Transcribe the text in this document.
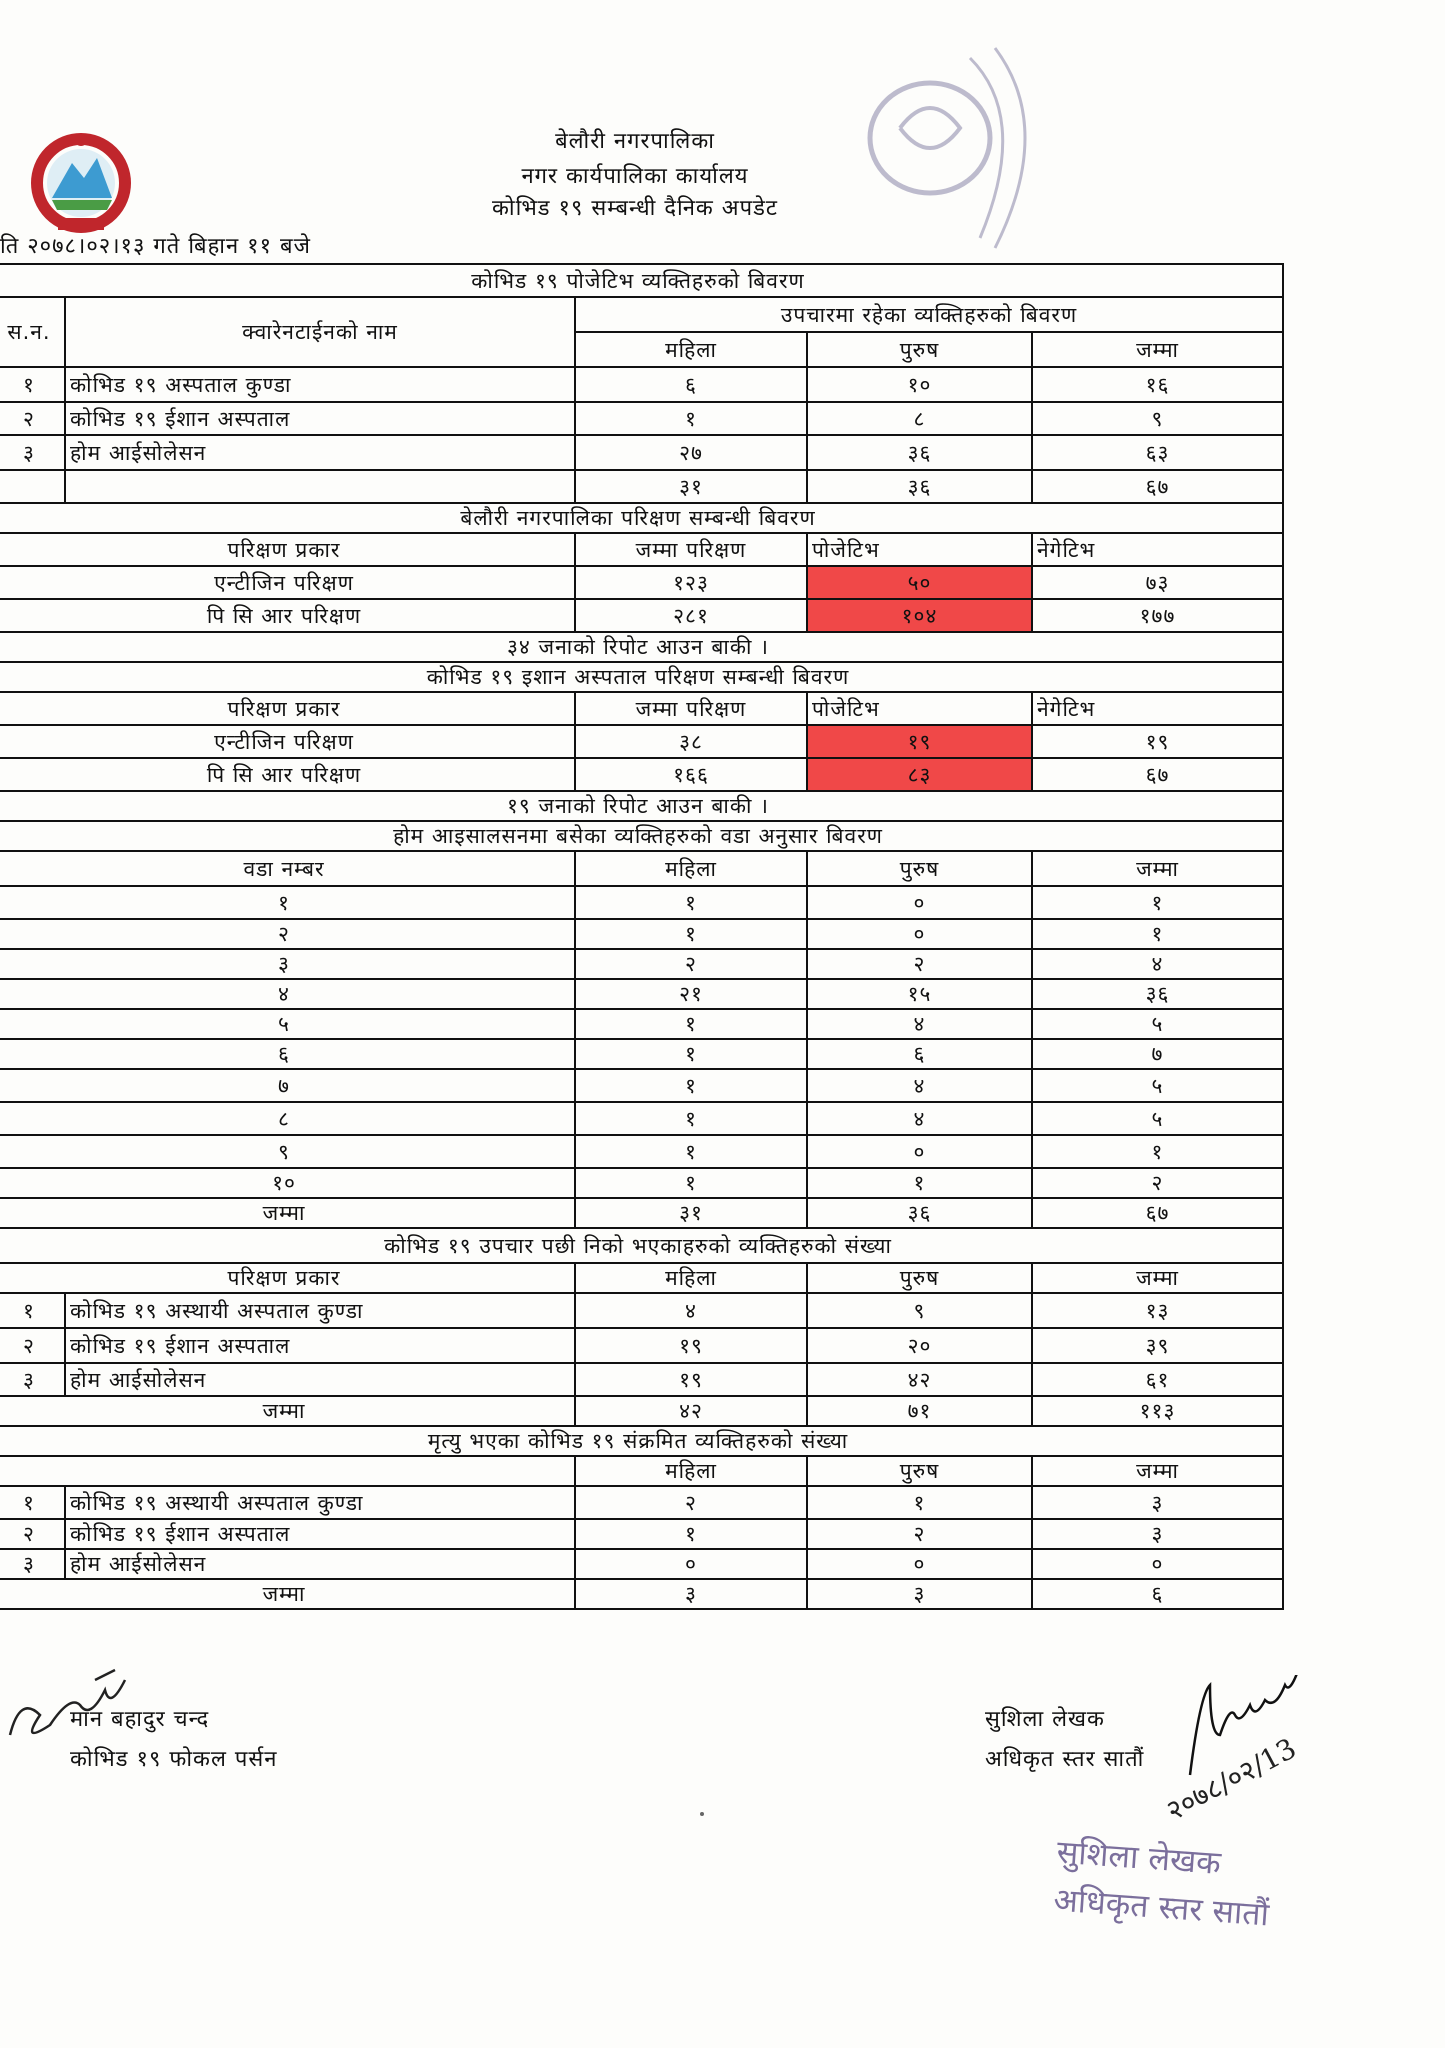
बेलौरी नगरपालिका
नगर कार्यपालिका कार्यालय
कोभिड १९ सम्बन्धी दैनिक अपडेट
ति २०७८।०२।१३ गते बिहान ११ बजे
कोभिड १९ पोजेटिभ व्यक्तिहरुको बिवरण				
स.न.	क्वारेनटाईनको नाम	उपचारमा रहेका व्यक्तिहरुको बिवरण		
		महिला	पुरुष	जम्मा
१	कोभिड १९ अस्पताल कुण्डा	६	१०	१६
२	कोभिड १९ ईशान अस्पताल	१	८	९
३	होम आईसोलेसन	२७	३६	६३
		३१	३६	६७
बेलौरी नगरपालिका परिक्षण सम्बन्धी बिवरण				
परिक्षण प्रकार		जम्मा परिक्षण	पोजेटिभ	नेगेटिभ
एन्टीजिन परिक्षण		१२३	५०	७३
पि सि आर परिक्षण		२८१	१०४	१७७
३४ जनाको रिपोट आउन बाकी ।				
कोभिड १९ इशान अस्पताल परिक्षण सम्बन्धी बिवरण				
परिक्षण प्रकार		जम्मा परिक्षण	पोजेटिभ	नेगेटिभ
एन्टीजिन परिक्षण		३८	१९	१९
पि सि आर परिक्षण		१६६	८३	६७
१९ जनाको रिपोट आउन बाकी ।				
होम आइसालसनमा बसेका व्यक्तिहरुको वडा अनुसार बिवरण				
वडा नम्बर		महिला	पुरुष	जम्मा
१		१	०	१
२		१	०	१
३		२	२	४
४		२१	१५	३६
५		१	४	५
६		१	६	७
७		१	४	५
८		१	४	५
९		१	०	१
१०		१	१	२
जम्मा		३१	३६	६७
कोभिड १९ उपचार पछी निको भएकाहरुको व्यक्तिहरुको संख्या				
परिक्षण प्रकार		महिला	पुरुष	जम्मा
१	कोभिड १९ अस्थायी अस्पताल कुण्डा	४	९	१३
२	कोभिड १९ ईशान अस्पताल	१९	२०	३९
३	होम आईसोलेसन	१९	४२	६१
जम्मा		४२	७१	११३
मृत्यु भएका कोभिड १९ संक्रमित व्यक्तिहरुको संख्या				
		महिला	पुरुष	जम्मा
१	कोभिड १९ अस्थायी अस्पताल कुण्डा	२	१	३
२	कोभिड १९ ईशान अस्पताल	१	२	३
३	होम आईसोलेसन	०	०	०
जम्मा		३	३	६
मान बहादुर चन्द
कोभिड १९ फोकल पर्सन
सुशिला लेखक
अधिकृत स्तर सातौं २०७८/०२/13
सुशिला लेखक
अधिकृत स्तर सातौं
